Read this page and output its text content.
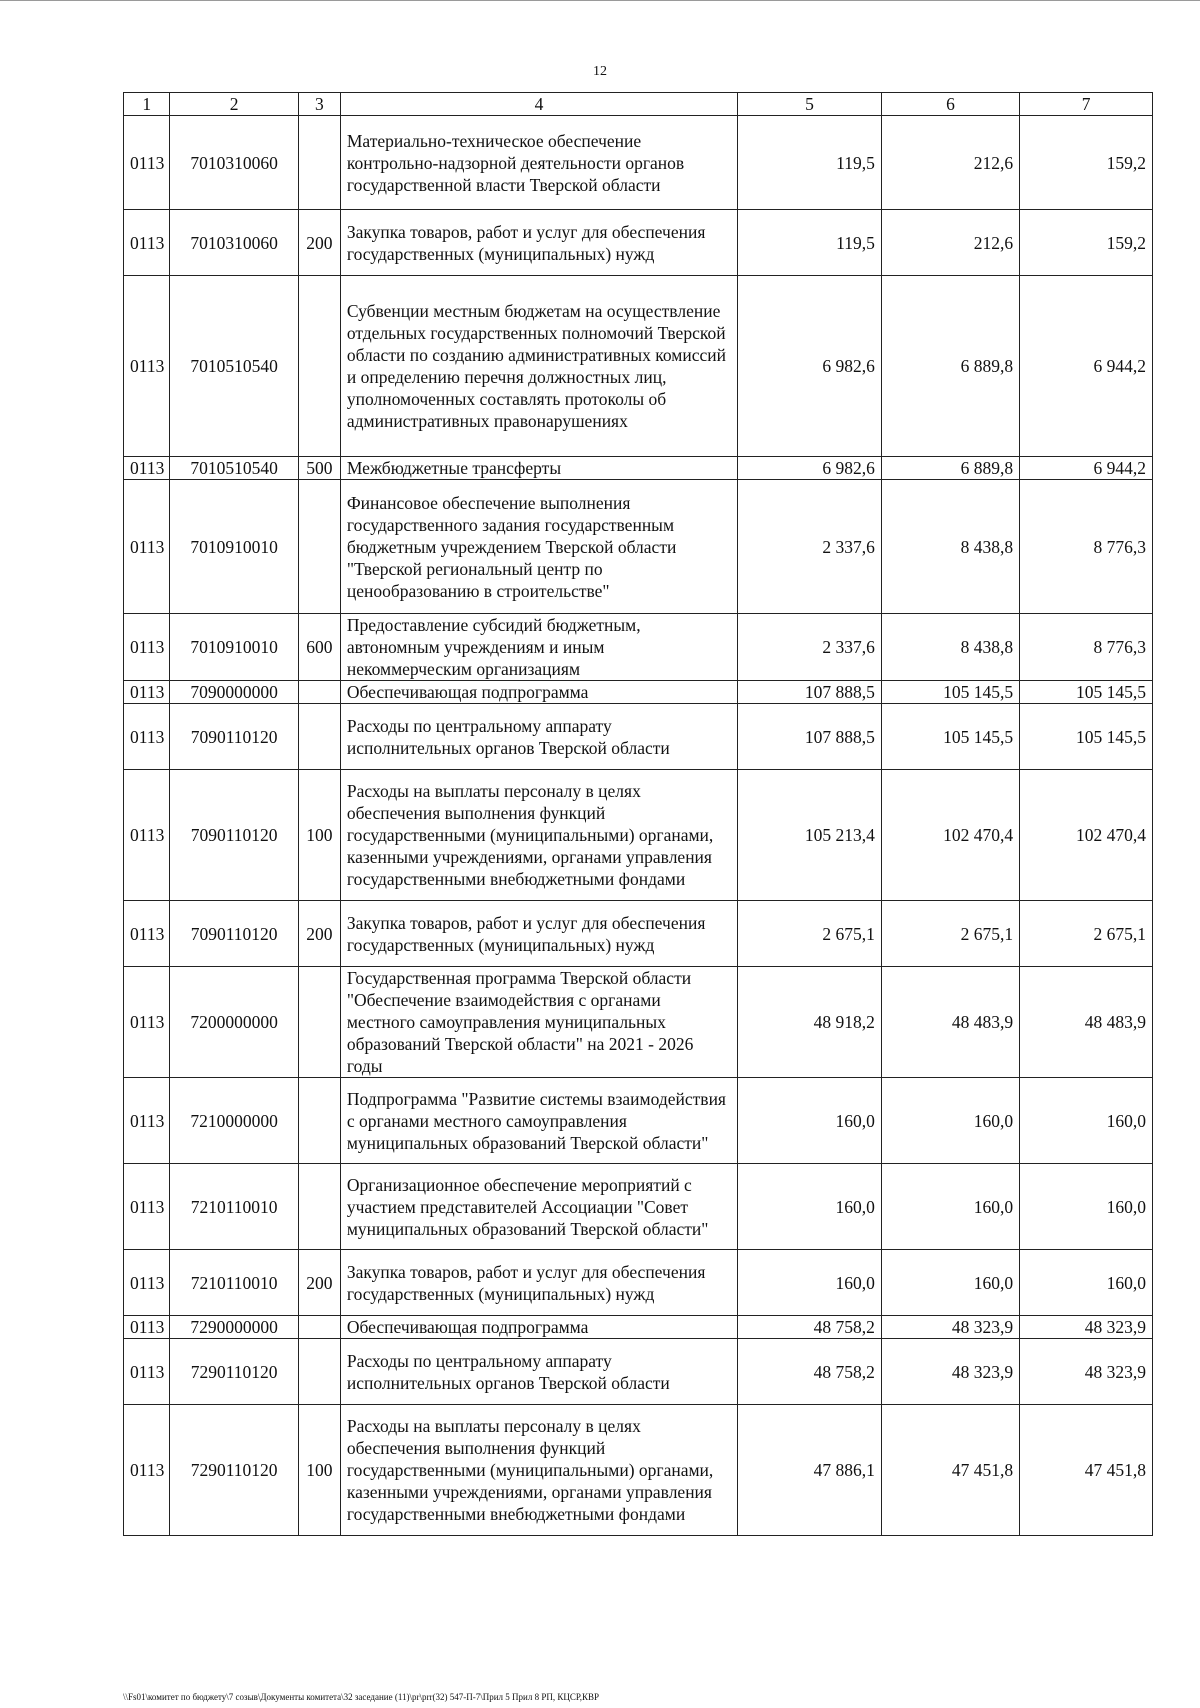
12
1	2	3	4	5	6	7
0113	7010310060		Материально-техническое обеспечение контрольно-надзорной деятельности органов государственной власти Тверской области	119,5	212,6	159,2
0113	7010310060	200	Закупка товаров, работ и услуг для обеспечения государственных (муниципальных) нужд	119,5	212,6	159,2
0113	7010510540		Субвенции местным бюджетам на осуществление отдельных государственных полномочий Тверской области по созданию административных комиссий и определению перечня должностных лиц, уполномоченных составлять протоколы об административных правонарушениях	6 982,6	6 889,8	6 944,2
0113	7010510540	500	Межбюджетные трансферты	6 982,6	6 889,8	6 944,2
0113	7010910010		Финансовое обеспечение выполнения государственного задания государственным бюджетным учреждением Тверской области "Тверской региональный центр по ценообразованию в строительстве"	2 337,6	8 438,8	8 776,3
0113	7010910010	600	Предоставление субсидий бюджетным, автономным учреждениям и иным некоммерческим организациям	2 337,6	8 438,8	8 776,3
0113	7090000000		Обеспечивающая подпрограмма	107 888,5	105 145,5	105 145,5
0113	7090110120		Расходы по центральному аппарату исполнительных органов Тверской области	107 888,5	105 145,5	105 145,5
0113	7090110120	100	Расходы на выплаты персоналу в целях обеспечения выполнения функций государственными (муниципальными) органами, казенными учреждениями, органами управления государственными внебюджетными фондами	105 213,4	102 470,4	102 470,4
0113	7090110120	200	Закупка товаров, работ и услуг для обеспечения государственных (муниципальных) нужд	2 675,1	2 675,1	2 675,1
0113	7200000000		Государственная программа Тверской области "Обеспечение взаимодействия с органами местного самоуправления муниципальных образований Тверской области" на 2021 - 2026 годы	48 918,2	48 483,9	48 483,9
0113	7210000000		Подпрограмма "Развитие системы взаимодействия с органами местного самоуправления муниципальных образований Тверской области"	160,0	160,0	160,0
0113	7210110010		Организационное обеспечение мероприятий с участием представителей Ассоциации "Совет муниципальных образований Тверской области"	160,0	160,0	160,0
0113	7210110010	200	Закупка товаров, работ и услуг для обеспечения государственных (муниципальных) нужд	160,0	160,0	160,0
0113	7290000000		Обеспечивающая подпрограмма	48 758,2	48 323,9	48 323,9
0113	7290110120		Расходы по центральному аппарату исполнительных органов Тверской области	48 758,2	48 323,9	48 323,9
0113	7290110120	100	Расходы на выплаты персоналу в целях обеспечения выполнения функций государственными (муниципальными) органами, казенными учреждениями, органами управления государственными внебюджетными фондами	47 886,1	47 451,8	47 451,8
\\Fs01\комитет по бюджету\7 созыв\Документы комитета\32 заседание (11)\pr\prr(32) 547-П-7\Прил 5 Прил 8 РП, КЦСР,КВР
